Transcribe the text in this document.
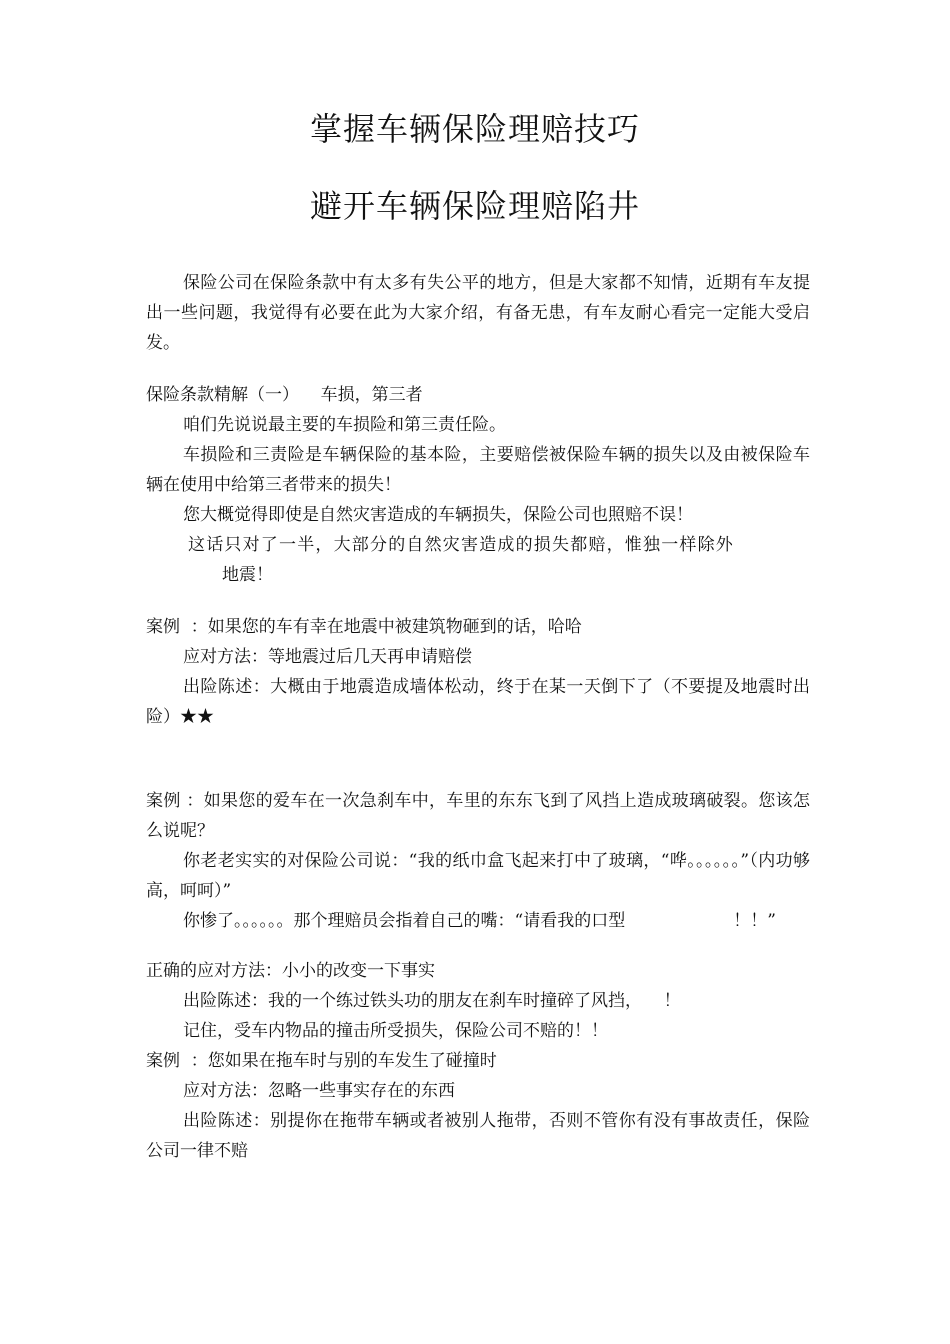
掌握车辆保险理赔技巧
避开车辆保险理赔陷井

保险公司在保险条款中有太多有失公平的地方，但是大家都不知情，近期有车友提出一些问题，我觉得有必要在此为大家介绍，有备无患，有车友耐心看完一定能大受启发。

保险条款精解（一）    车损，第三者

咱们先说说最主要的车损险和第三责任险。

车损险和三责险是车辆保险的基本险，主要赔偿被保险车辆的损失以及由被保险车辆在使用中给第三者带来的损失！

您大概觉得即使是自然灾害造成的车辆损失，保险公司也照赔不误！

这话只对了一半，大部分的自然灾害造成的损失都赔，惟独一样除外

地震！

案例  ：如果您的车有幸在地震中被建筑物砸到的话，哈哈

应对方法：等地震过后几天再申请赔偿

出险陈述：大概由于地震造成墙体松动，终于在某一天倒下了（不要提及地震时出险）★★

案例 ：如果您的爱车在一次急刹车中，车里的东东飞到了风挡上造成玻璃破裂。您该怎么说呢？

你老老实实的对保险公司说：“我的纸巾盒飞起来打中了玻璃，“哗。。。。。。”（内功够高，呵呵）”

你惨了。。。。。。那个理赔员会指着自己的嘴：“请看我的口型                    ！！”

正确的应对方法：小小的改变一下事实

出险陈述：我的一个练过铁头功的朋友在刹车时撞碎了风挡，    ！

记住，受车内物品的撞击所受损失，保险公司不赔的！！

案例  ：您如果在拖车时与别的车发生了碰撞时

应对方法：忽略一些事实存在的东西

出险陈述：别提你在拖带车辆或者被别人拖带，否则不管你有没有事故责任，保险公司一律不赔
